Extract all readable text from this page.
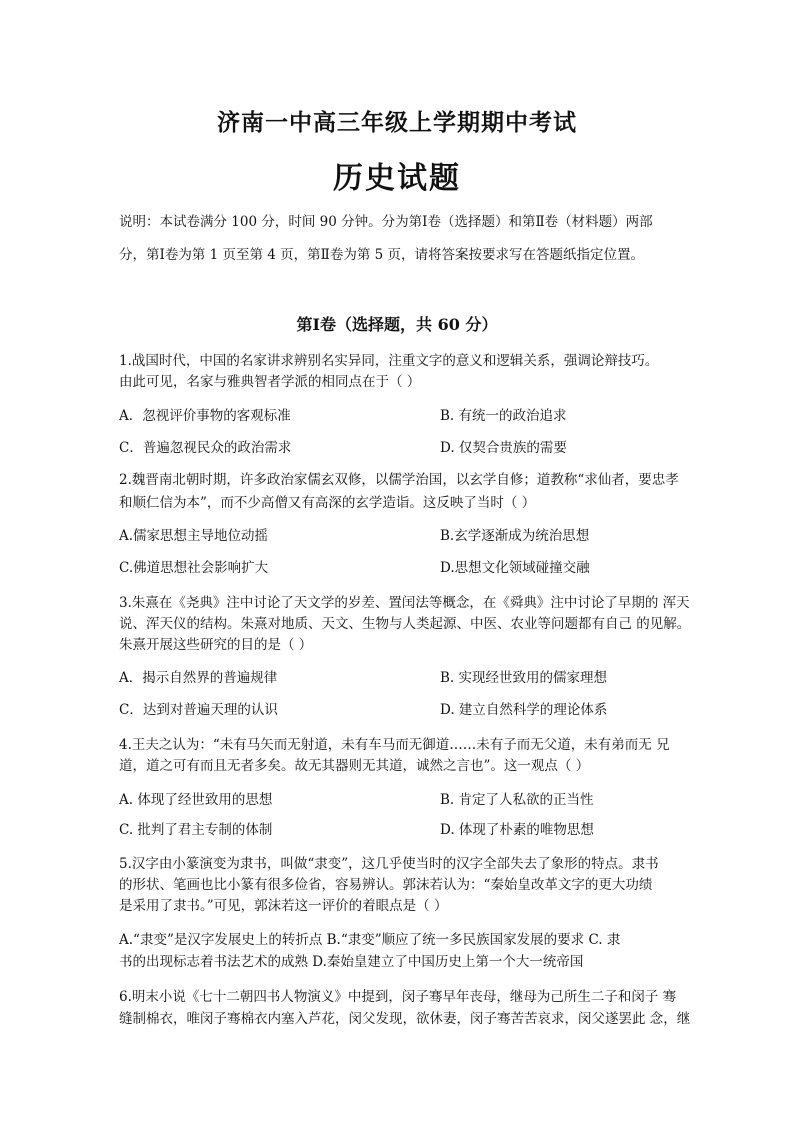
济南一中高三年级上学期期中考试
历史试题
说明：本试卷满分 100 分，时间 90 分钟。分为第Ⅰ卷（选择题）和第Ⅱ卷（材料题）两部
分，第Ⅰ卷为第 1 页至第 4 页，第Ⅱ卷为第 5 页，请将答案按要求写在答题纸指定位置。
第Ⅰ卷（选择题，共 60 分）
1.战国时代，中国的名家讲求辨别名实异同，注重文字的意义和逻辑关系，强调论辩技巧。
由此可见，名家与雅典智者学派的相同点在于（ ）
A．忽视评价事物的客观标准	B. 有统一的政治追求
C．普遍忽视民众的政治需求	D. 仅契合贵族的需要
2.魏晋南北朝时期，许多政治家儒玄双修，以儒学治国，以玄学自修；道教称“求仙者，要忠孝
和顺仁信为本”，而不少高僧又有高深的玄学造诣。这反映了当时（ ）
A.儒家思想主导地位动摇	B.玄学逐渐成为统治思想
C.佛道思想社会影响扩大	D.思想文化领域碰撞交融
3.朱熹在《尧典》注中讨论了天文学的岁差、置闰法等概念，在《舜典》注中讨论了早期的 浑天
说、浑天仪的结构。朱熹对地质、天文、生物与人类起源、中医、农业等问题都有自己 的见解。
朱熹开展这些研究的目的是（ ）
A．揭示自然界的普遍规律	B. 实现经世致用的儒家理想
C．达到对普遍天理的认识	D. 建立自然科学的理论体系
4.王夫之认为：“未有马矢而无射道，未有车马而无御道……未有子而无父道，未有弟而无 兄
道，道之可有而且无者多矣。故无其器则无其道，诚然之言也”。这一观点（ ）
A. 体现了经世致用的思想	B. 肯定了人私欲的正当性
C. 批判了君主专制的体制	D. 体现了朴素的唯物思想
5.汉字由小篆演变为隶书，叫做“隶变”，这几乎使当时的汉字全部失去了象形的特点。隶书
的形状、笔画也比小篆有很多俭省，容易辨认。郭沫若认为：“秦始皇改革文字的更大功绩
是采用了隶书。”可见，郭沫若这一评价的着眼点是（ ）
A.“隶变”是汉字发展史上的转折点 B.“隶变”顺应了统一多民族国家发展的要求 C. 隶
书的出现标志着书法艺术的成熟 D.秦始皇建立了中国历史上第一个大一统帝国
6.明末小说《七十二朝四书人物演义》中提到，闵子骞早年丧母，继母为己所生二子和闵子 骞
缝制棉衣，唯闵子骞棉衣内塞入芦花，闵父发现，欲休妻，闵子骞苦苦哀求，闵父遂罢此 念，继
